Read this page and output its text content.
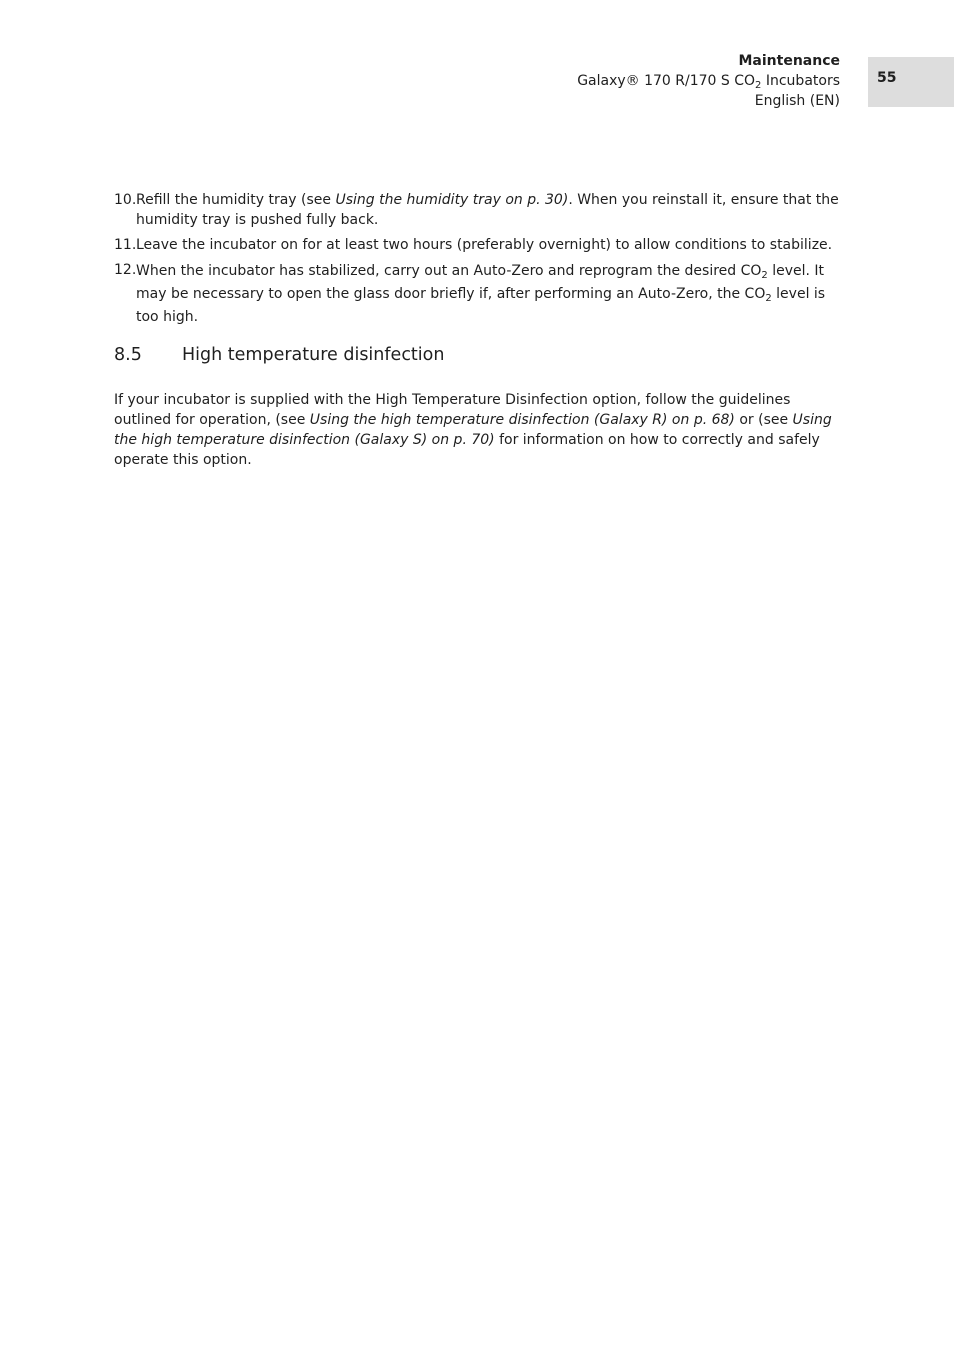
Maintenance
Galaxy® 170 R/170 S $CO_2$ Incubators
English (EN)
55
10. Refill the humidity tray (see Using the humidity tray on p. 30). When you reinstall it, ensure that the humidity tray is pushed fully back.
11. Leave the incubator on for at least two hours (preferably overnight) to allow conditions to stabilize.
12. When the incubator has stabilized, carry out an Auto-Zero and reprogram the desired $CO_2$ level. It may be necessary to open the glass door briefly if, after performing an Auto-Zero, the $CO_2$ level is too high.
8.5	High temperature disinfection
If your incubator is supplied with the High Temperature Disinfection option, follow the guidelines outlined for operation, (see Using the high temperature disinfection (Galaxy R) on p. 68) or (see Using the high temperature disinfection (Galaxy S) on p. 70) for information on how to correctly and safely operate this option.
